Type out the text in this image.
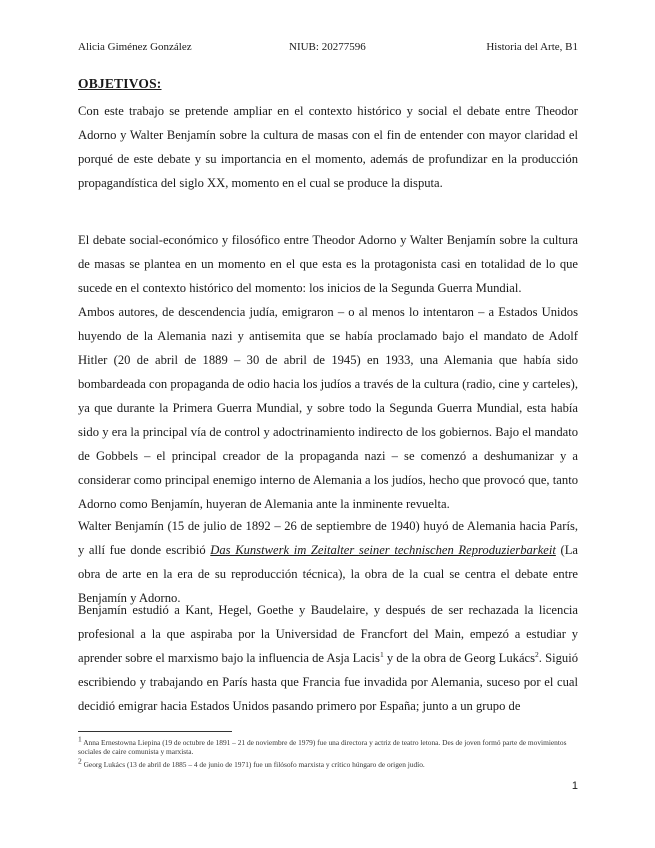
Alicia Giménez González	NIUB: 20277596	Historia del Arte, B1
OBJETIVOS:

Con este trabajo se pretende ampliar en el contexto histórico y social el debate entre Theodor Adorno y Walter Benjamín sobre la cultura de masas con el fin de entender con mayor claridad el porqué de este debate y su importancia en el momento, además de profundizar en la producción propagandística del siglo XX, momento en el cual se produce la disputa.

El debate social-económico y filosófico entre Theodor Adorno y Walter Benjamín sobre la cultura de masas se plantea en un momento en el que esta es la protagonista casi en totalidad de lo que sucede en el contexto histórico del momento: los inicios de la Segunda Guerra Mundial.

Ambos autores, de descendencia judía, emigraron – o al menos lo intentaron – a Estados Unidos huyendo de la Alemania nazi y antisemita que se había proclamado bajo el mandato de Adolf Hitler (20 de abril de 1889 – 30 de abril de 1945) en 1933, una Alemania que había sido bombardeada con propaganda de odio hacia los judíos a través de la cultura (radio, cine y carteles), ya que durante la Primera Guerra Mundial, y sobre todo la Segunda Guerra Mundial, esta había sido y era la principal vía de control y adoctrinamiento indirecto de los gobiernos. Bajo el mandato de Gobbels – el principal creador de la propaganda nazi – se comenzó a deshumanizar y a considerar como principal enemigo interno de Alemania a los judíos, hecho que provocó que, tanto Adorno como Benjamín, huyeran de Alemania ante la inminente revuelta.

Walter Benjamín (15 de julio de 1892 – 26 de septiembre de 1940) huyó de Alemania hacia París, y allí fue donde escribió Das Kunstwerk im Zeitalter seiner technischen Reproduzierbarkeit (La obra de arte en la era de su reproducción técnica), la obra de la cual se centra el debate entre Benjamín y Adorno.

Benjamín estudió a Kant, Hegel, Goethe y Baudelaire, y después de ser rechazada la licencia profesional a la que aspiraba por la Universidad de Francfort del Main, empezó a estudiar y aprender sobre el marxismo bajo la influencia de Asja Lacis$^1$ y de la obra de Georg Lukács$^2$. Siguió escribiendo y trabajando en París hasta que Francia fue invadida por Alemania, suceso por el cual decidió emigrar hacia Estados Unidos pasando primero por España; junto a un grupo de

$^1$ Anna Ernestowna Liepina (19 de octubre de 1891 – 21 de noviembre de 1979) fue una directora y actriz de teatro letona. Des de joven formó parte de movimientos sociales de caire comunista y marxista.

$^2$ Georg Lukács (13 de abril de 1885 – 4 de junio de 1971) fue un filósofo marxista y crítico húngaro de origen judío.

1
